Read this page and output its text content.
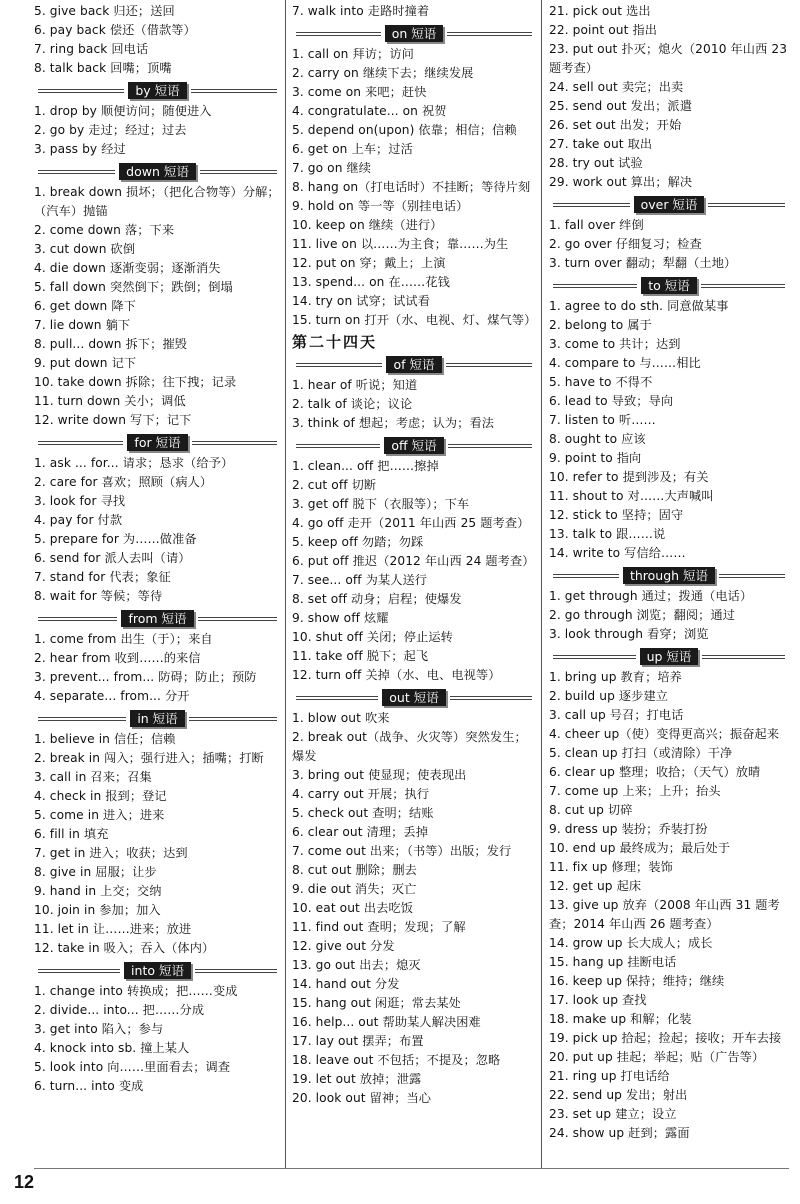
5. give back 归还；送回
6. pay back 偿还（借款等）
7. ring back 回电话
8. talk back 回嘴；顶嘴
by 短语
1. drop by 顺便访问；随便进入
2. go by 走过；经过；过去
3. pass by 经过
down 短语
1. break down 损坏；（把化合物等）分解；（汽车）抛锚
2. come down 落；下来
3. cut down 砍倒
4. die down 逐渐变弱；逐渐消失
5. fall down 突然倒下；跌倒；倒塌
6. get down 降下
7. lie down 躺下
8. pull... down 拆下；摧毁
9. put down 记下
10. take down 拆除；往下拽；记录
11. turn down 关小；调低
12. write down 写下；记下
for 短语
1. ask ... for... 请求；恳求（给予）
2. care for 喜欢；照顾（病人）
3. look for 寻找
4. pay for 付款
5. prepare for 为……做准备
6. send for 派人去叫（请）
7. stand for 代表；象征
8. wait for 等候；等待
from 短语
1. come from 出生（于）；来自
2. hear from 收到……的来信
3. prevent... from... 防碍；防止；预防
4. separate... from... 分开
in 短语
1. believe in 信任；信赖
2. break in 闯入；强行进入；插嘴；打断
3. call in 召来；召集
4. check in 报到；登记
5. come in 进入；进来
6. fill in 填充
7. get in 进入；收获；达到
8. give in 屈服；让步
9. hand in 上交；交纳
10. join in 参加；加入
11. let in 让……进来；放进
12. take in 吸入；吞入（体内）
into 短语
1. change into 转换成；把……变成
2. divide... into... 把……分成
3. get into 陷入；参与
4. knock into sb. 撞上某人
5. look into 向……里面看去；调查
6. turn... into 变成
7. walk into 走路时撞着
on 短语
1. call on 拜访；访问
2. carry on 继续下去；继续发展
3. come on 来吧；赶快
4. congratulate... on 祝贺
5. depend on(upon) 依靠；相信；信赖
6. get on 上车；过活
7. go on 继续
8. hang on（打电话时）不挂断；等待片刻
9. hold on 等一等（别挂电话）
10. keep on 继续（进行）
11. live on 以……为主食；靠……为生
12. put on 穿；戴上；上演
13. spend... on 在……花钱
14. try on 试穿；试试看
15. turn on 打开（水、电视、灯、煤气等）
第二十四天
of 短语
1. hear of 听说；知道
2. talk of 谈论；议论
3. think of 想起；考虑；认为；看法
off 短语
1. clean... off 把……擦掉
2. cut off 切断
3. get off 脱下（衣服等）；下车
4. go off 走开（2011 年山西 25 题考查）
5. keep off 勿踏；勿踩
6. put off 推迟（2012 年山西 24 题考查）
7. see... off 为某人送行
8. set off 动身；启程；使爆发
9. show off 炫耀
10. shut off 关闭；停止运转
11. take off 脱下；起飞
12. turn off 关掉（水、电、电视等）
out 短语
1. blow out 吹来
2. break out（战争、火灾等）突然发生；爆发
3. bring out 使显现；使表现出
4. carry out 开展；执行
5. check out 查明；结账
6. clear out 清理；丢掉
7. come out 出来；（书等）出版；发行
8. cut out 删除；删去
9. die out 消失；灭亡
10. eat out 出去吃饭
11. find out 查明；发现；了解
12. give out 分发
13. go out 出去；熄灭
14. hand out 分发
15. hang out 闲逛；常去某处
16. help... out 帮助某人解决困难
17. lay out 摆弄；布置
18. leave out 不包括；不提及；忽略
19. let out 放掉；泄露
20. look out 留神；当心
21. pick out 选出
22. point out 指出
23. put out 扑灭；熄火（2010 年山西 23 题考查）
24. sell out 卖完；出卖
25. send out 发出；派遣
26. set out 出发；开始
27. take out 取出
28. try out 试验
29. work out 算出；解决
over 短语
1. fall over 绊倒
2. go over 仔细复习；检查
3. turn over 翻动；犁翻（土地）
to 短语
1. agree to do sth. 同意做某事
2. belong to 属于
3. come to 共计；达到
4. compare to 与……相比
5. have to 不得不
6. lead to 导致；导向
7. listen to 听……
8. ought to 应该
9. point to 指向
10. refer to 提到涉及；有关
11. shout to 对……大声喊叫
12. stick to 坚持；固守
13. talk to 跟……说
14. write to 写信给……
through 短语
1. get through 通过；拨通（电话）
2. go through 浏览；翻阅；通过
3. look through 看穿；浏览
up 短语
1. bring up 教育；培养
2. build up 逐步建立
3. call up 号召；打电话
4. cheer up（使）变得更高兴；振奋起来
5. clean up 打扫（或清除）干净
6. clear up 整理；收拾；（天气）放晴
7. come up 上来；上升；抬头
8. cut up 切碎
9. dress up 装扮；乔装打扮
10. end up 最终成为；最后处于
11. fix up 修理；装饰
12. get up 起床
13. give up 放弃（2008 年山西 31 题考查；2014 年山西 26 题考查）
14. grow up 长大成人；成长
15. hang up 挂断电话
16. keep up 保持；维持；继续
17. look up 查找
18. make up 和解；化装
19. pick up 拾起；捡起；接收；开车去接
20. put up 挂起；举起；贴（广告等）
21. ring up 打电话给
22. send up 发出；射出
23. set up 建立；设立
24. show up 赶到；露面
12
